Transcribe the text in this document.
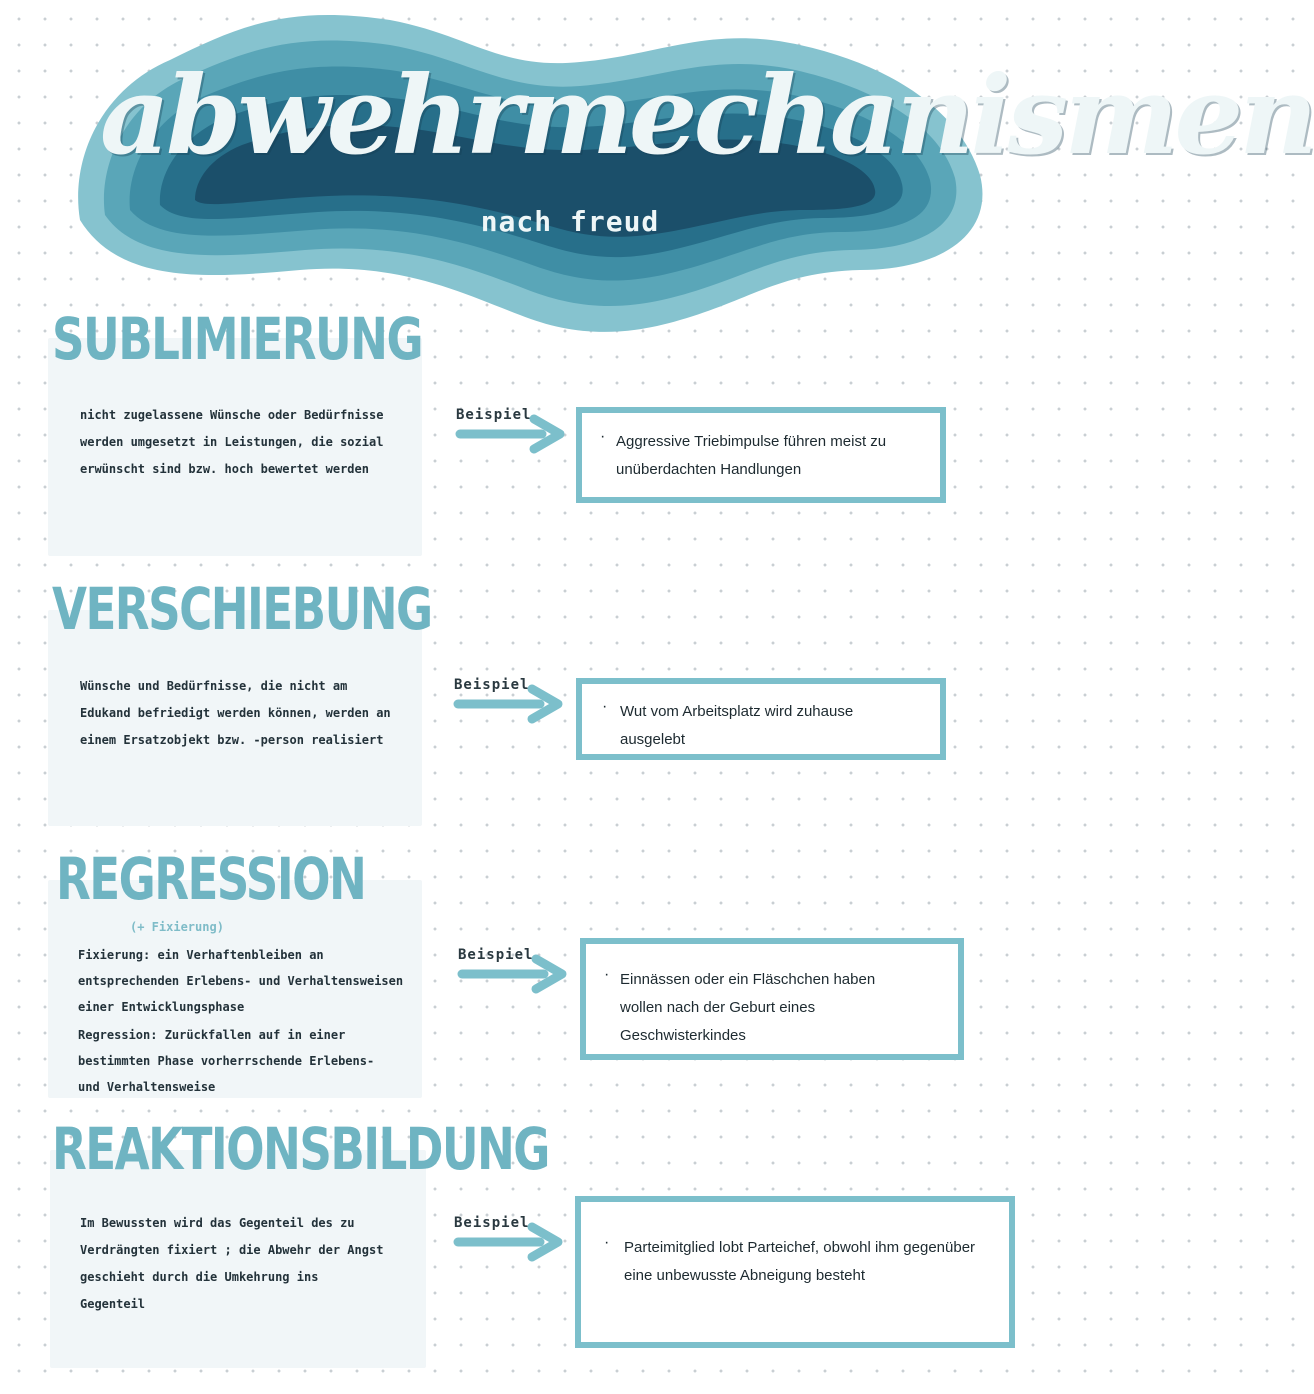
abwehrmechanismen
nach freud
SUBLIMIERUNG

nicht zugelassene Wünsche oder Bedürfnisse werden umgesetzt in Leistungen, die sozial erwünscht sind bzw. hoch bewertet werden

Beispiel
· Aggressive Triebimpulse führen meist zu unüberdachten Handlungen

VERSCHIEBUNG

Wünsche und Bedürfnisse, die nicht am Edukand befriedigt werden können, werden an einem Ersatzobjekt bzw. -person realisiert

Beispiel
· Wut vom Arbeitsplatz wird zuhause ausgelebt

REGRESSION
(+ Fixierung)

Fixierung: ein Verhaftenbleiben an entsprechenden Erlebens- und Verhaltensweisen einer Entwicklungsphase

Regression: Zurückfallen auf in einer bestimmten Phase vorherrschende Erlebens- und Verhaltensweise

Beispiel
· Einnässen oder ein Fläschchen haben wollen nach der Geburt eines Geschwisterkindes

REAKTIONSBILDUNG

Im Bewussten wird das Gegenteil des zu Verdrängten fixiert ; die Abwehr der Angst geschieht durch die Umkehrung ins Gegenteil

Beispiel
· Parteimitglied lobt Parteichef, obwohl ihm gegenüber eine unbewusste Abneigung besteht
